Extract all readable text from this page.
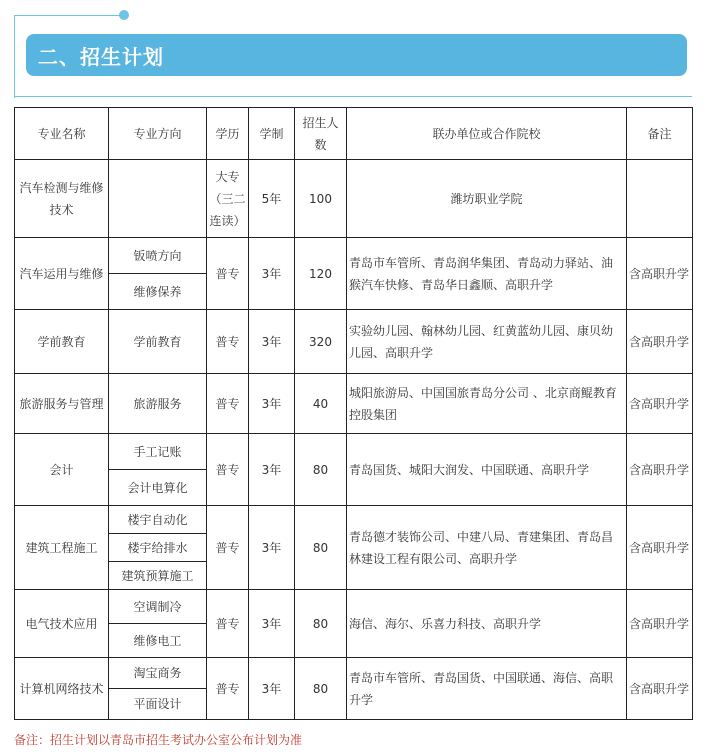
二、招生计划
专业名称	专业方向	学历	学制	招生人数	联办单位或合作院校	备注
汽车检测与维修技术		大专（三二连读）	5年	100	潍坊职业学院	
汽车运用与维修	钣喷方向	普专	3年	120	青岛市车管所、青岛润华集团、青岛动力驿站、油猴汽车快修、青岛华日鑫顺、高职升学	含高职升学
	维修保养					
学前教育	学前教育	普专	3年	320	实验幼儿园、翰林幼儿园、红黄蓝幼儿园、康贝幼儿园、高职升学	含高职升学
旅游服务与管理	旅游服务	普专	3年	40	城阳旅游局、中国国旅青岛分公司 、北京商鲲教育控股集团	含高职升学
会计	手工记账	普专	3年	80	青岛国货、城阳大润发、中国联通、高职升学	含高职升学
	会计电算化					
建筑工程施工	楼宇自动化	普专	3年	80	青岛德才装饰公司、中建八局、青建集团、青岛昌林建设工程有限公司、高职升学	含高职升学
	楼宇给排水					
	建筑预算施工					
电气技术应用	空调制冷	普专	3年	80	海信、海尔、乐喜力科技、高职升学	含高职升学
	维修电工					
计算机网络技术	淘宝商务	普专	3年	80	青岛市车管所、青岛国货、中国联通、海信、高职升学	含高职升学
	平面设计					
备注：招生计划以青岛市招生考试办公室公布计划为准
